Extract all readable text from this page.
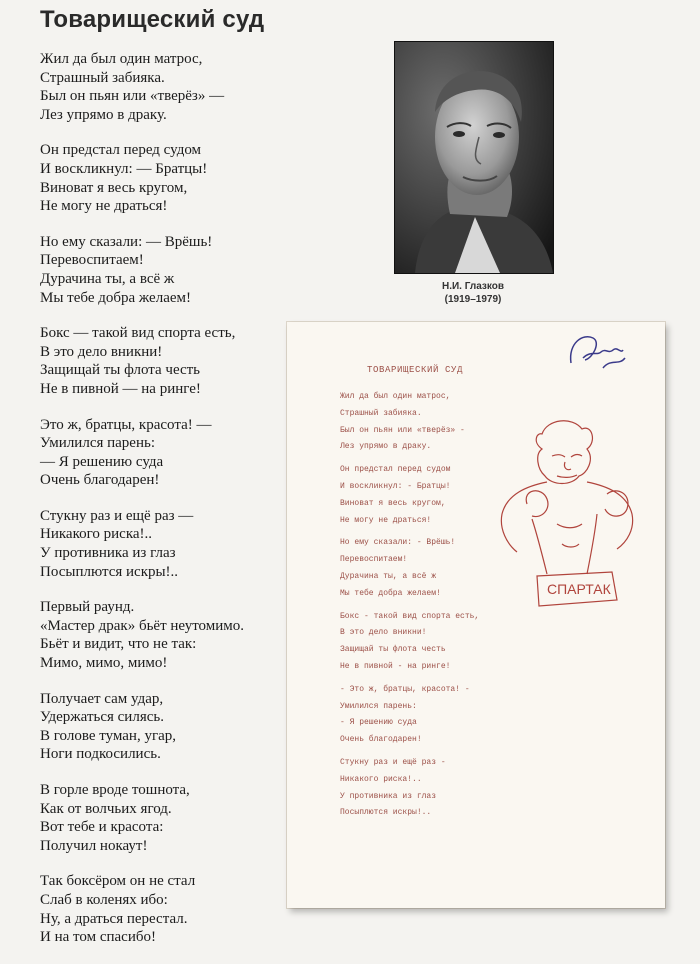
Товарищеский суд
Жил да был один матрос,
Страшный забияка.
Был он пьян или «тверёз» —
Лез упрямо в драку.
Он предстал перед судом
И воскликнул: — Братцы!
Виноват я весь кругом,
Не могу не драться!
Но ему сказали: — Врёшь!
Перевоспитаем!
Дурачина ты, а всё ж
Мы тебе добра желаем!
Бокс — такой вид спорта есть,
В это дело вникни!
Защищай ты флота честь
Не в пивной — на ринге!
Это ж, братцы, красота! —
Умилился парень:
— Я решению суда
Очень благодарен!
Стукну раз и ещё раз —
Никакого риска!..
У противника из глаз
Посыплются искры!..
Первый раунд.
«Мастер драк» бьёт неутомимо.
Бьёт и видит, что не так:
Мимо, мимо, мимо!
Получает сам удар,
Удержаться силясь.
В голове туман, угар,
Ноги подкосились.
В горле вроде тошнота,
Как от волчьих ягод.
Вот тебе и красота:
Получил нокаут!
Так боксёром он не стал
Слаб в коленях ибо:
Ну, а драться перестал.
И на том спасибо!
Н.И. Глазков
(1919–1979)
ТОВАРИЩЕСКИЙ СУД
Жил да был один матрос,
Страшный забияка.
Был он пьян или «тверёз» -
Лез упрямо в драку.
Он предстал перед судом
И воскликнул: - Братцы!
Виноват я весь кругом,
Не могу не драться!
Но ему сказали: - Врёшь!
Перевоспитаем!
Дурачина ты, а всё ж
Мы тебе добра желаем!
Бокс - такой вид спорта есть,
В это дело вникни!
Защищай ты флота честь
Не в пивной - на ринге!
- Это ж, братцы, красота! -
Умилился парень:
- Я решению суда
Очень благодарен!
Стукну раз и ещё раз -
Никакого риска!..
У противника из глаз
Посыплются искры!..
СПАРТАК
